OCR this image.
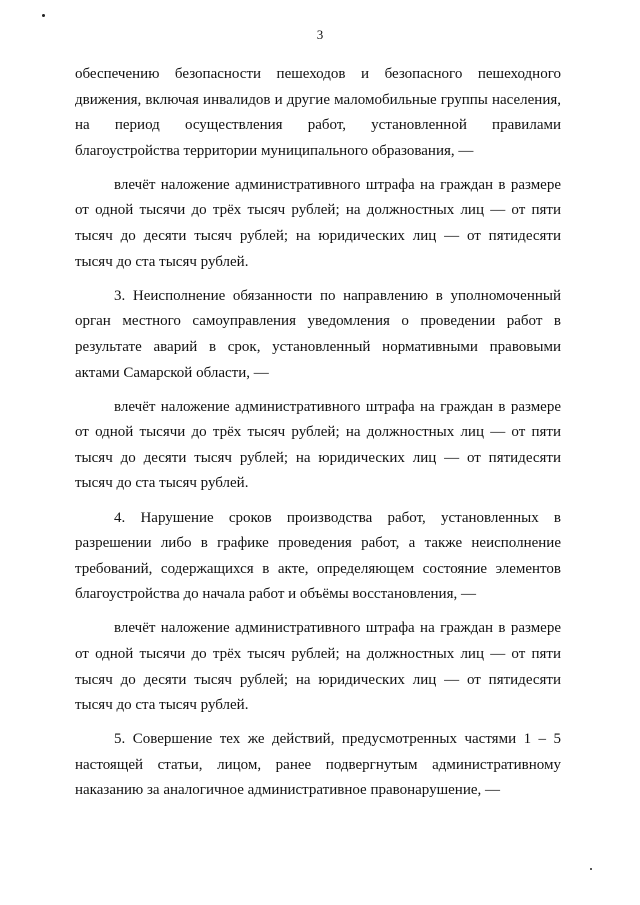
3

обеспечению безопасности пешеходов и безопасного пешеходного движения, включая инвалидов и другие маломобильные группы населения, на период осуществления работ, установленной правилами благоустройства территории муниципального образования, —

влечёт наложение административного штрафа на граждан в размере от одной тысячи до трёх тысяч рублей; на должностных лиц — от пяти тысяч до десяти тысяч рублей; на юридических лиц — от пятидесяти тысяч до ста тысяч рублей.

3. Неисполнение обязанности по направлению в уполномоченный орган местного самоуправления уведомления о проведении работ в результате аварий в срок, установленный нормативными правовыми актами Самарской области, —

влечёт наложение административного штрафа на граждан в размере от одной тысячи до трёх тысяч рублей; на должностных лиц — от пяти тысяч до десяти тысяч рублей; на юридических лиц — от пятидесяти тысяч до ста тысяч рублей.

4. Нарушение сроков производства работ, установленных в разрешении либо в графике проведения работ, а также неисполнение требований, содержащихся в акте, определяющем состояние элементов благоустройства до начала работ и объёмы восстановления, —

влечёт наложение административного штрафа на граждан в размере от одной тысячи до трёх тысяч рублей; на должностных лиц — от пяти тысяч до десяти тысяч рублей; на юридических лиц — от пятидесяти тысяч до ста тысяч рублей.

5. Совершение тех же действий, предусмотренных частями 1 – 5 настоящей статьи, лицом, ранее подвергнутым административному наказанию за аналогичное административное правонарушение, —
